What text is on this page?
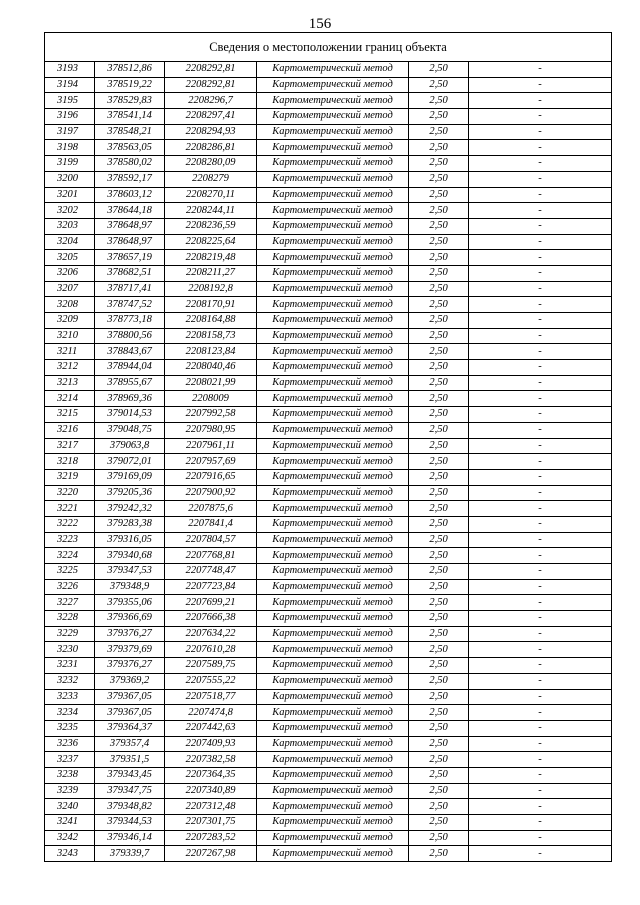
156
Сведения о местоположении границ объекта					
3193	378512,86	2208292,81	Картометрический метод	2,50	-
3194	378519,22	2208292,81	Картометрический метод	2,50	-
3195	378529,83	2208296,7	Картометрический метод	2,50	-
3196	378541,14	2208297,41	Картометрический метод	2,50	-
3197	378548,21	2208294,93	Картометрический метод	2,50	-
3198	378563,05	2208286,81	Картометрический метод	2,50	-
3199	378580,02	2208280,09	Картометрический метод	2,50	-
3200	378592,17	2208279	Картометрический метод	2,50	-
3201	378603,12	2208270,11	Картометрический метод	2,50	-
3202	378644,18	2208244,11	Картометрический метод	2,50	-
3203	378648,97	2208236,59	Картометрический метод	2,50	-
3204	378648,97	2208225,64	Картометрический метод	2,50	-
3205	378657,19	2208219,48	Картометрический метод	2,50	-
3206	378682,51	2208211,27	Картометрический метод	2,50	-
3207	378717,41	2208192,8	Картометрический метод	2,50	-
3208	378747,52	2208170,91	Картометрический метод	2,50	-
3209	378773,18	2208164,88	Картометрический метод	2,50	-
3210	378800,56	2208158,73	Картометрический метод	2,50	-
3211	378843,67	2208123,84	Картометрический метод	2,50	-
3212	378944,04	2208040,46	Картометрический метод	2,50	-
3213	378955,67	2208021,99	Картометрический метод	2,50	-
3214	378969,36	2208009	Картометрический метод	2,50	-
3215	379014,53	2207992,58	Картометрический метод	2,50	-
3216	379048,75	2207980,95	Картометрический метод	2,50	-
3217	379063,8	2207961,11	Картометрический метод	2,50	-
3218	379072,01	2207957,69	Картометрический метод	2,50	-
3219	379169,09	2207916,65	Картометрический метод	2,50	-
3220	379205,36	2207900,92	Картометрический метод	2,50	-
3221	379242,32	2207875,6	Картометрический метод	2,50	-
3222	379283,38	2207841,4	Картометрический метод	2,50	-
3223	379316,05	2207804,57	Картометрический метод	2,50	-
3224	379340,68	2207768,81	Картометрический метод	2,50	-
3225	379347,53	2207748,47	Картометрический метод	2,50	-
3226	379348,9	2207723,84	Картометрический метод	2,50	-
3227	379355,06	2207699,21	Картометрический метод	2,50	-
3228	379366,69	2207666,38	Картометрический метод	2,50	-
3229	379376,27	2207634,22	Картометрический метод	2,50	-
3230	379379,69	2207610,28	Картометрический метод	2,50	-
3231	379376,27	2207589,75	Картометрический метод	2,50	-
3232	379369,2	2207555,22	Картометрический метод	2,50	-
3233	379367,05	2207518,77	Картометрический метод	2,50	-
3234	379367,05	2207474,8	Картометрический метод	2,50	-
3235	379364,37	2207442,63	Картометрический метод	2,50	-
3236	379357,4	2207409,93	Картометрический метод	2,50	-
3237	379351,5	2207382,58	Картометрический метод	2,50	-
3238	379343,45	2207364,35	Картометрический метод	2,50	-
3239	379347,75	2207340,89	Картометрический метод	2,50	-
3240	379348,82	2207312,48	Картометрический метод	2,50	-
3241	379344,53	2207301,75	Картометрический метод	2,50	-
3242	379346,14	2207283,52	Картометрический метод	2,50	-
3243	379339,7	2207267,98	Картометрический метод	2,50	-
